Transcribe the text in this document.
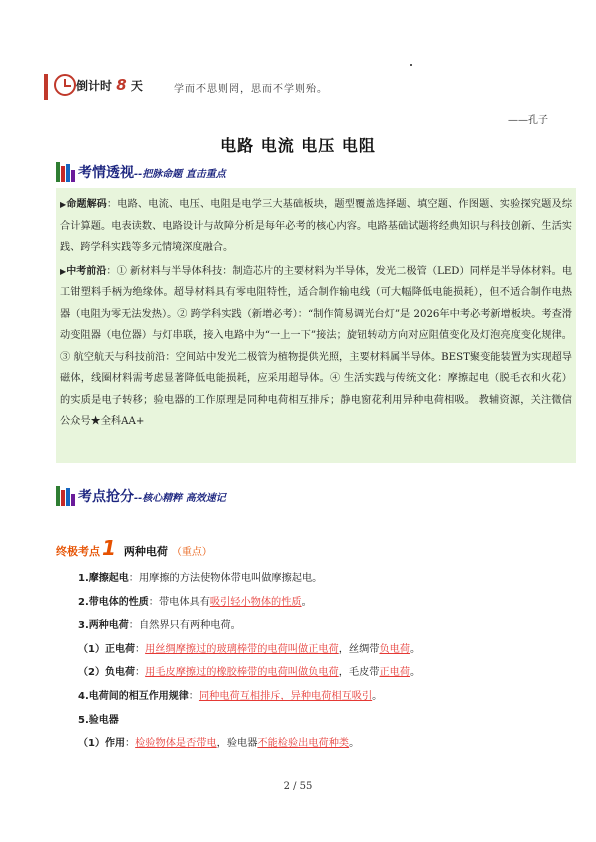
倒计时 8 天	学而不思则罔，思而不学则殆。
——孔子
电路 电流 电压 电阻
考情透视--把脉命题 直击重点

▶命题解码：电路、电流、电压、电阻是电学三大基础板块，题型覆盖选择题、填空题、作图题、实验探究题及综合计算题。电表读数、电路设计与故障分析是每年必考的核心内容。电路基础试题将经典知识与科技创新、生活实践、跨学科实践等多元情境深度融合。

▶中考前沿：① 新材料与半导体科技：制造芯片的主要材料为半导体，发光二极管（LED）同样是半导体材料。电工钳塑料手柄为绝缘体。超导材料具有零电阻特性，适合制作输电线（可大幅降低电能损耗），但不适合制作电热器（电阻为零无法发热）。② 跨学科实践（新增必考）：“制作简易调光台灯”是 2026年中考必考新增板块。考查滑动变阻器（电位器）与灯串联，接入电路中为“一上一下”接法；旋钮转动方向对应阻值变化及灯泡亮度变化规律。③ 航空航天与科技前沿：空间站中发光二极管为植物提供光照，主要材料属半导体。BEST聚变能装置为实现超导磁体，线圈材料需考虑显著降低电能损耗，应采用超导体。④ 生活实践与传统文化：摩擦起电（脱毛衣和火花）的实质是电子转移；验电器的工作原理是同种电荷相互排斥；静电窗花利用异种电荷相吸。 教辅资源，关注微信公众号★全科AA+

考点抢分--核心精粹 高效速记
终极考点 1 两种电荷 （重点）

1.摩擦起电：用摩擦的方法使物体带电叫做摩擦起电。

2.带电体的性质：带电体具有吸引轻小物体的性质。

3.两种电荷：自然界只有两种电荷。

（1）正电荷：用丝绸摩擦过的玻璃棒带的电荷叫做正电荷，丝绸带负电荷。

（2）负电荷：用毛皮摩擦过的橡胶棒带的电荷叫做负电荷，毛皮带正电荷。

4.电荷间的相互作用规律：同种电荷互相排斥，异种电荷相互吸引。

5.验电器

（1）作用：检验物体是否带电，验电器不能检验出电荷种类。

2 / 55
